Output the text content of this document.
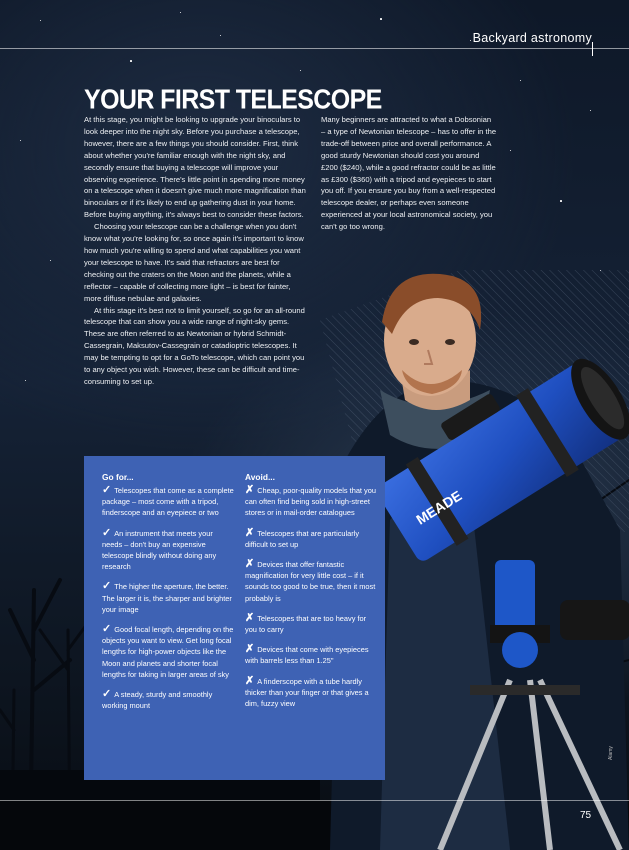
Backyard astronomy
YOUR FIRST TELESCOPE

At this stage, you might be looking to upgrade your binoculars to look deeper into the night sky. Before you purchase a telescope, however, there are a few things you should consider. First, think about whether you're familiar enough with the night sky, and secondly ensure that buying a telescope will improve your observing experience. There's little point in spending more money on a telescope when it doesn't give much more magnification than binoculars or if it's likely to end up gathering dust in your home. Before buying anything, it's always best to consider these factors.

Choosing your telescope can be a challenge when you don't know what you're looking for, so once again it's important to know how much you're willing to spend and what capabilities you want your telescope to have. It's said that refractors are best for checking out the craters on the Moon and the planets, while a reflector – capable of collecting more light – is best for fainter, more diffuse nebulae and galaxies.

At this stage it's best not to limit yourself, so go for an all-round telescope that can show you a wide range of night-sky gems. These are often referred to as Newtonian or hybrid Schmidt-Cassegrain, Maksutov-Cassegrain or catadioptric telescopes. It may be tempting to opt for a GoTo telescope, which can point you to any object you wish. However, these can be difficult and time-consuming to set up.

Many beginners are attracted to what a Dobsonian – a type of Newtonian telescope – has to offer in the trade-off between price and overall performance. A good sturdy Newtonian should cost you around £200 ($240), while a good refractor could be as little as £300 ($360) with a tripod and eyepieces to start you off. If you ensure you buy from a well-respected telescope dealer, or perhaps even someone experienced at your local astronomical society, you can't go too wrong.

MEADE
Go for...
✓ Telescopes that come as a complete package – most come with a tripod, finderscope and an eyepiece or two
✓ An instrument that meets your needs – don't buy an expensive telescope blindly without doing any research
✓ The higher the aperture, the better. The larger it is, the sharper and brighter your image
✓ Good focal length, depending on the objects you want to view. Get long focal lengths for high-power objects like the Moon and planets and shorter focal lengths for taking in larger areas of sky
✓ A steady, sturdy and smoothly working mount
Avoid...
✗ Cheap, poor-quality models that you can often find being sold in high-street stores or in mail-order catalogues
✗ Telescopes that are particularly difficult to set up
✗ Devices that offer fantastic magnification for very little cost – if it sounds too good to be true, then it most probably is
✗ Telescopes that are too heavy for you to carry
✗ Devices that come with eyepieces with barrels less than 1.25"
✗ A finderscope with a tube hardly thicker than your finger or that gives a dim, fuzzy view
Alamy
75
